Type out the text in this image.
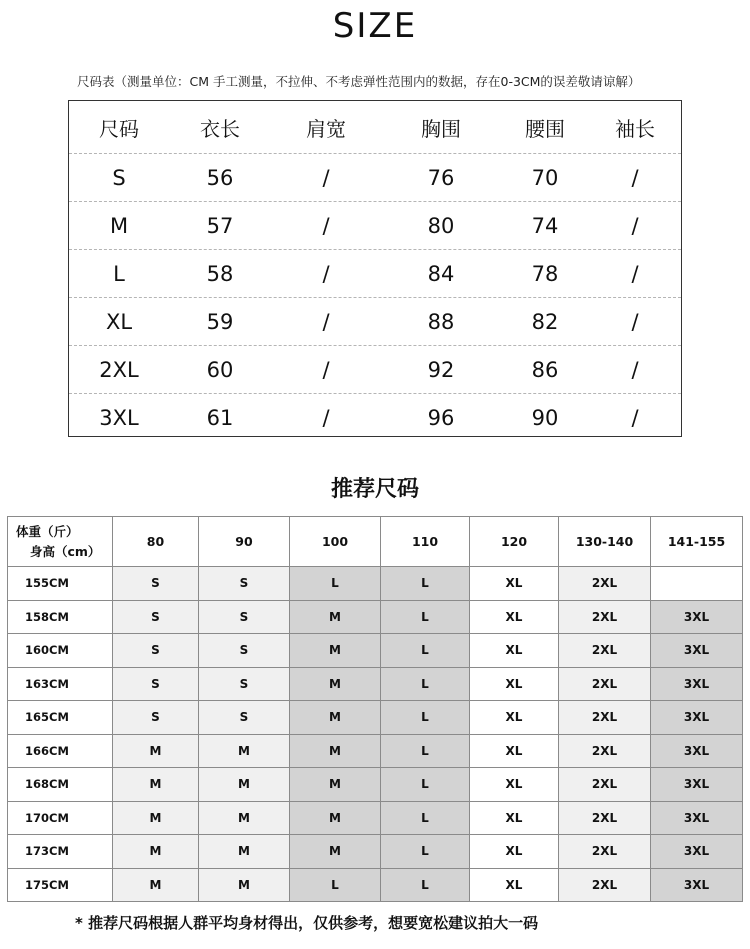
SIZE
尺码表（测量单位：CM 手工测量，不拉伸、不考虑弹性范围内的数据，存在0-3CM的误差敬请谅解）
尺码	衣长	肩宽	胸围	腰围	袖长
S	56	/	76	70	/
M	57	/	80	74	/
L	58	/	84	78	/
XL	59	/	88	82	/
2XL	60	/	92	86	/
3XL	61	/	96	90	/
推荐尺码
体重（斤）
身高（cm）	80	90	100	110	120	130-140	141-155
155CM	S	S	L	L	XL	2XL	
158CM	S	S	M	L	XL	2XL	3XL
160CM	S	S	M	L	XL	2XL	3XL
163CM	S	S	M	L	XL	2XL	3XL
165CM	S	S	M	L	XL	2XL	3XL
166CM	M	M	M	L	XL	2XL	3XL
168CM	M	M	M	L	XL	2XL	3XL
170CM	M	M	M	L	XL	2XL	3XL
173CM	M	M	M	L	XL	2XL	3XL
175CM	M	M	L	L	XL	2XL	3XL
* 推荐尺码根据人群平均身材得出，仅供参考，想要宽松建议拍大一码
